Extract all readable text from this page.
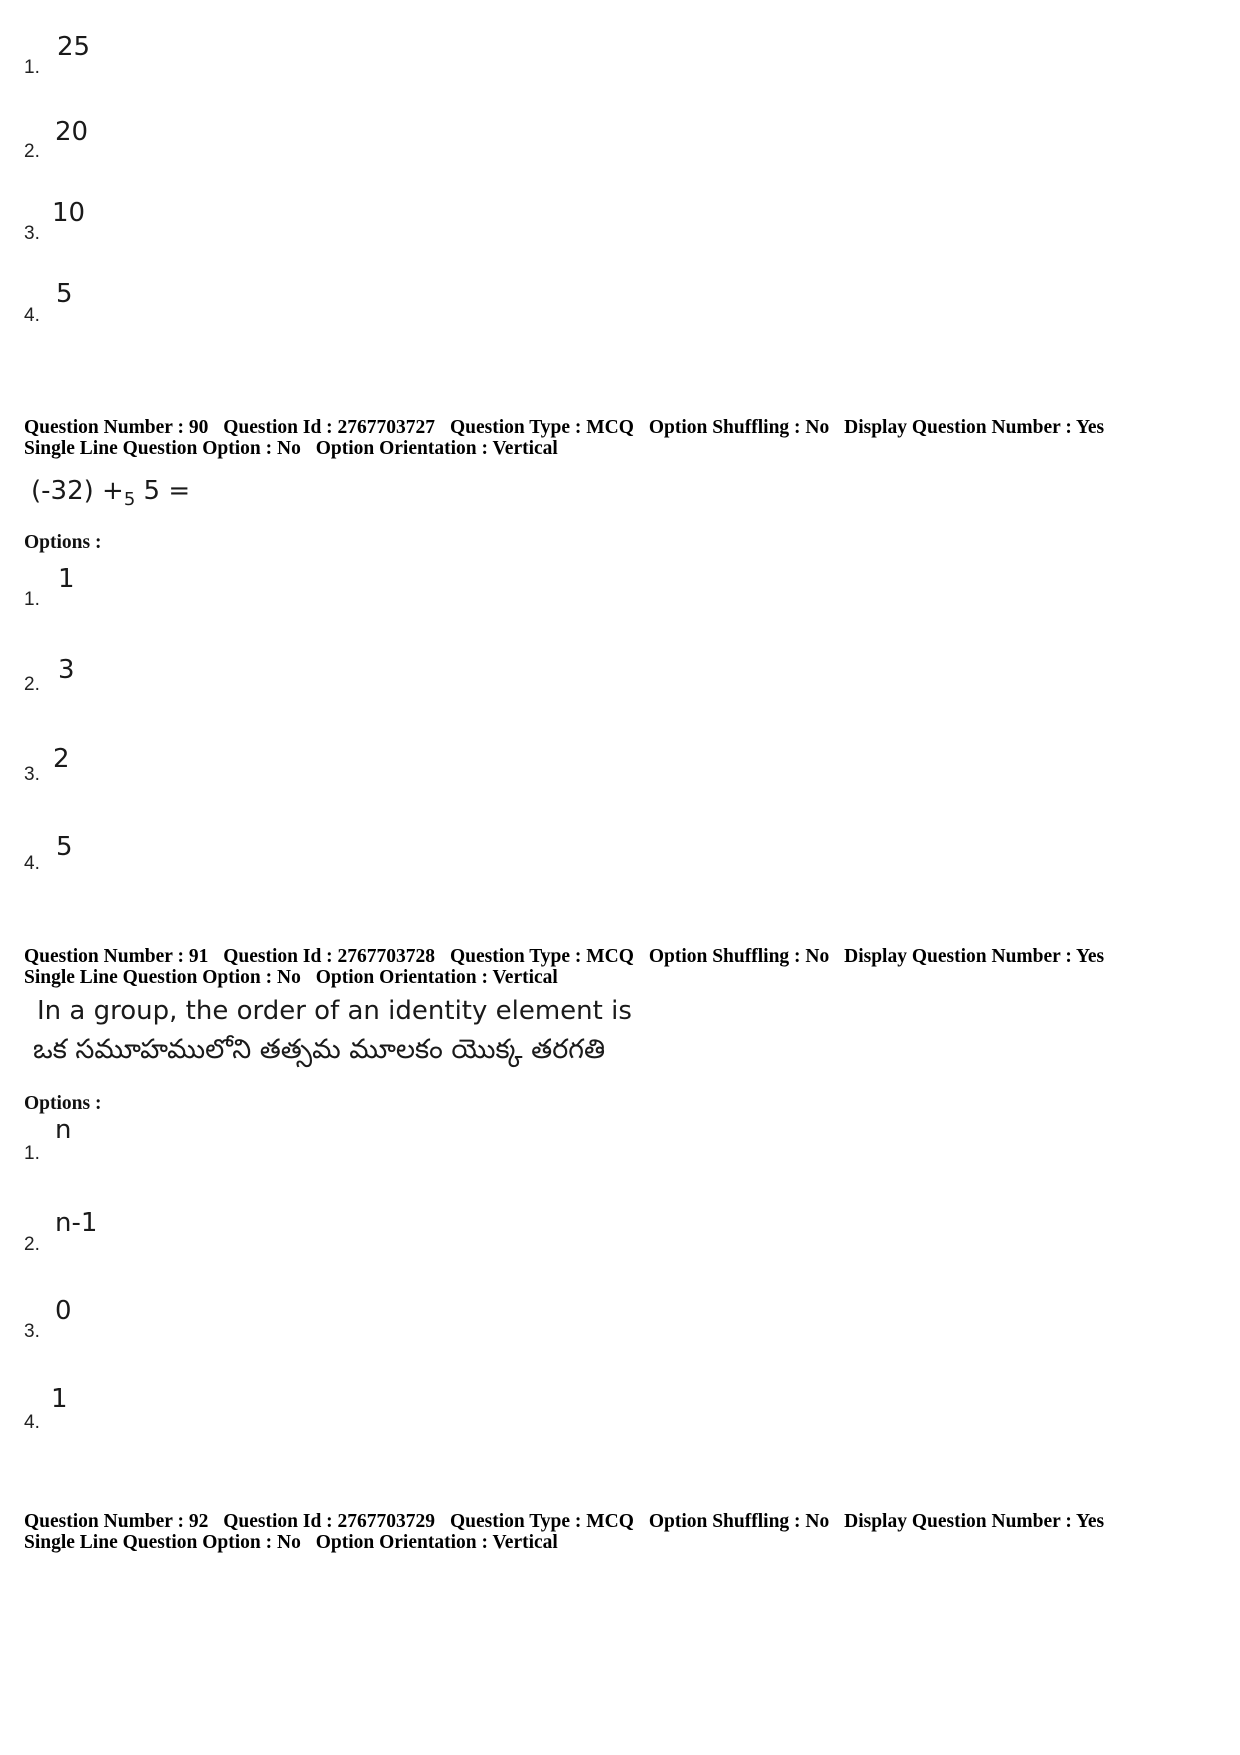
1.
25
2.
20
3.
10
4.
5
Question Number : 90 Question Id : 2767703727 Question Type : MCQ Option Shuffling : No Display Question Number : Yes
Single Line Question Option : No Option Orientation : Vertical
$(-32) +_5$ 5 =
Options :
1.
1
2. 3
3.
2
4.
5
Question Number : 91 Question Id : 2767703728 Question Type : MCQ Option Shuffling : No Display Question Number : Yes
Single Line Question Option : No Option Orientation : Vertical
In a group, the order of an identity element is
ఒక సమూహములోని తత్సమ మూలకం యొక్క తరగతి
Options :
1.
n
2.
n-1
3.
0
4.
1
Question Number : 92 Question Id : 2767703729 Question Type : MCQ Option Shuffling : No Display Question Number : Yes
Single Line Question Option : No Option Orientation : Vertical
